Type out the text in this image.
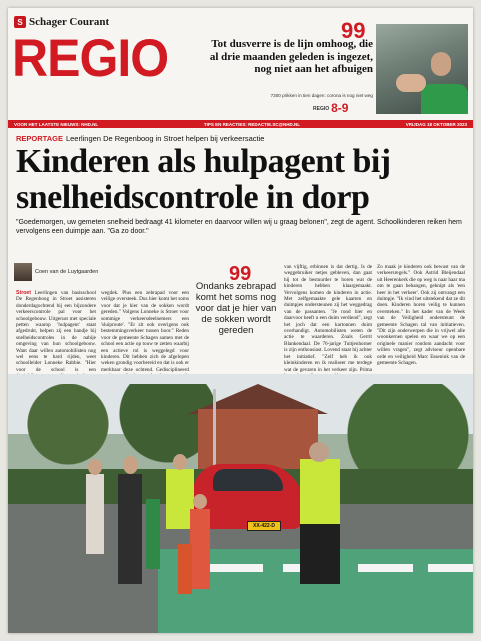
S Schager Courant
REGIO	99
Tot dusverre is de lijn omhoog, die al drie maanden geleden is ingezet, nog niet aan het afbuigen
7300 prikken in tien dagen: corona is nog niet weg
REGIO 8-9
VOOR HET LAATSTE NIEUWS: NHD.NL	TIPS EN REACTIES: REDACTIE.SC@NHD.NL	VRIJDAG 18 OKTOBER 2023
REPORTAGE Leerlingen De Regenboog in Stroet helpen bij verkeersactie
Kinderen als hulpagent bij snelheidscontrole in dorp
"Goedemorgen, uw gemeten snelheid bedraagt 41 kilometer en daarvoor willen wij u graag belonen", zegt de agent. Schoolkinderen reiken hem vervolgens een duimpje aan. "Ga zo door."
Coen van de Luytgaarden
Stroet Leerlingen van basisschool De Regenboog in Stroet assisteren donderdagochtend bij een bijzondere verkeerscontrole pal voor het schoolgebouw. Uitgerust met speciale petten waarop 'hulpagent' staat afgedrukt, helpen zij een handje bij snelheidscontroles in de nabije omgeving van hun schoolgebouw. Want daar willen automobilisten nog wel eens te hard rijden, weet schoolleider Lonneke Rabbie. "Hier voor de school is een
wegdek. Plus een zebrapad voor een veilige oversteek. Dus hier komt het soms voor dat je hier van de sokken wordt gereden." Volgens Lonneke is Stroet voor sommige verkeersdeelnemers een 'sluiproute'. "Er zit ook overigens ook bestemmingsverkeer tussen hoor." Reden voor de gemeente Schagen samen met de school een actie op touw te zetten waarbij een actieve rol is weggelegd voor kinderen. Dit hebben zich de afgelopen weken grondig voorbereid en dat is ook er merkbaar deze ochtend. Gedisciplineerd
van vijftig, erbinnen is dat dertig. Is de weggebruiker netjes gebleven, dan gaat hij tot de bestuurder te horen wat de kinderen hebben klaargemaakt. Vervolgens komen de kinderen in actie. Met zelfgemaakte gele kaarten en duimpjes ondersteunen zij het weggedrag van de passanten. "Je rond hier en daarvoor heeft u een duim verdiend", zegt het joch dat een kartonnen duim overhandigt. Automobilisten weten de actie te waarderen. Zoals Gerrit Blankendaal. De 76-jarige Tuitjenhorner is zijn enthousiast. Lovend staat hij achter het initiatief. "Zelf heb ik ook kleinkinderen en ik realiseer me terdege wat de gevaren in het verkeer zijn. Prima
Zo maak je kinderen ook bewust van de verkeersregels." Ook Astrid Bleijendaal uit Heerenkerk die op weg is naar haar ma om te gaan behangen, geknipt als 'een heer in het verkeer'. Ook zij ontvangt een duimpje. "Ik vind het uitstekend dat ze dit doen. Kinderen horen veilig te kunnen oversteken." In het kader van de Week van de Veiligheid ondersteunt de gemeente Schagen tal van initiatieven. "Dit zijn onderwerpen die in vrijwel alle woonkernen spelen en waar we op een originele manier rondom aandacht voor willen vragen", zegt adviseur openbare orde en veiligheid Marc Essenink van de gemeente Schagen.
99
Ondanks zebrapad komt het soms nog voor dat je hier van de sokken wordt gereden
XX-422-D
